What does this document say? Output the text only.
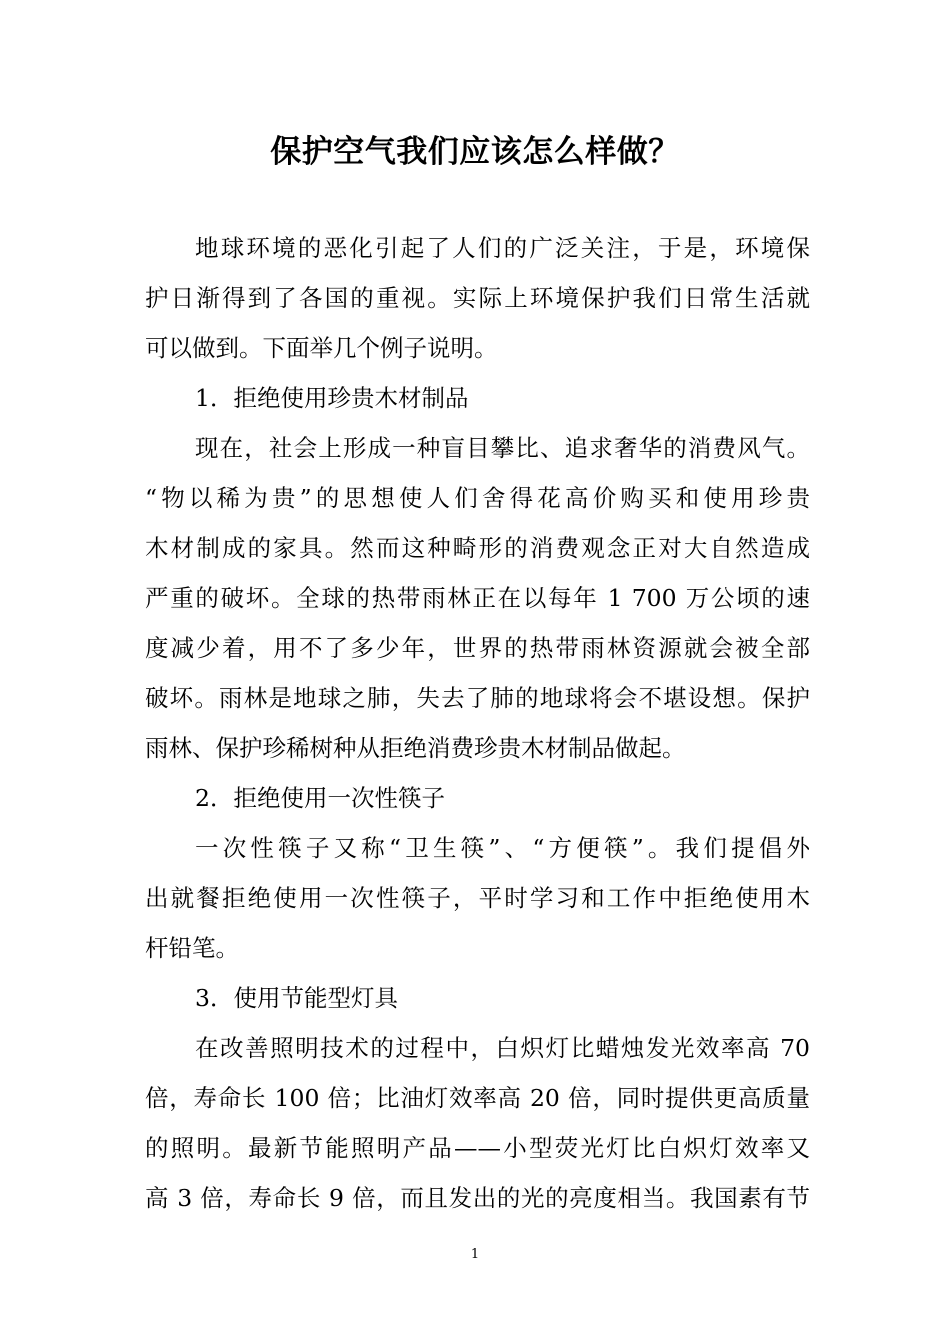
保护空气我们应该怎么样做？
地球环境的恶化引起了人们的广泛关注，于是，环境保
护日渐得到了各国的重视。实际上环境保护我们日常生活就
可以做到。下面举几个例子说明。
1．拒绝使用珍贵木材制品
现在，社会上形成一种盲目攀比、追求奢华的消费风气。
“物以稀为贵”的思想使人们舍得花高价购买和使用珍贵
木材制成的家具。然而这种畸形的消费观念正对大自然造成
严重的破坏。全球的热带雨林正在以每年 1 700 万公顷的速
度减少着，用不了多少年，世界的热带雨林资源就会被全部
破坏。雨林是地球之肺，失去了肺的地球将会不堪设想。保护
雨林、保护珍稀树种从拒绝消费珍贵木材制品做起。
2．拒绝使用一次性筷子
一次性筷子又称“卫生筷”、“方便筷”。我们提倡外
出就餐拒绝使用一次性筷子，平时学习和工作中拒绝使用木
杆铅笔。
3．使用节能型灯具
在改善照明技术的过程中，白炽灯比蜡烛发光效率高 70
倍，寿命长 100 倍；比油灯效率高 20 倍，同时提供更高质量
的照明。最新节能照明产品——小型荧光灯比白炽灯效率又
高 3 倍，寿命长 9 倍，而且发出的光的亮度相当。我国素有节
1
